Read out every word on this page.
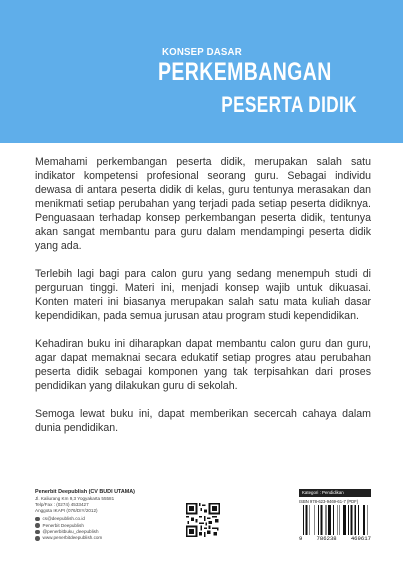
KONSEP DASAR
PERKEMBANGAN
PESERTA DIDIK

Memahami perkembangan peserta didik, merupakan salah satu indikator kompetensi profesional seorang guru. Sebagai individu dewasa di antara peserta didik di kelas, guru tentunya merasakan dan menikmati setiap perubahan yang terjadi pada setiap peserta didiknya. Penguasaan terhadap konsep perkembangan peserta didik, tentunya akan sangat membantu para guru dalam mendampingi peserta didik yang ada.

Terlebih lagi bagi para calon guru yang sedang menempuh studi di perguruan tinggi. Materi ini, menjadi konsep wajib untuk dikuasai. Konten materi ini biasanya merupakan salah satu mata kuliah dasar kependidikan, pada semua jurusan atau program studi kependidikan.

Kehadiran buku ini diharapkan dapat membantu calon guru dan guru, agar dapat memaknai secara edukatif setiap progres atau perubahan peserta didik sebagai komponen yang tak terpisahkan dari proses pendidikan yang dilakukan guru di sekolah.

Semoga lewat buku ini, dapat memberikan secercah cahaya dalam dunia pendidikan.

Penerbit Deepublish (CV BUDI UTAMA)
Jl. Kaliurang Km 9,3 Yogyakarta 55581
Telp/Fax : (0274) 4533427
Anggota IKAPI (076/DIY/2012)
cs@deepublish.co.id
Penerbit Deepublish
@penerbitbuku_deepublish
www.penerbitdeepublish.com
Kategori : Pendidikan
ISBN 978-623-9469-61-7 (PDF)
9	786238	469617
